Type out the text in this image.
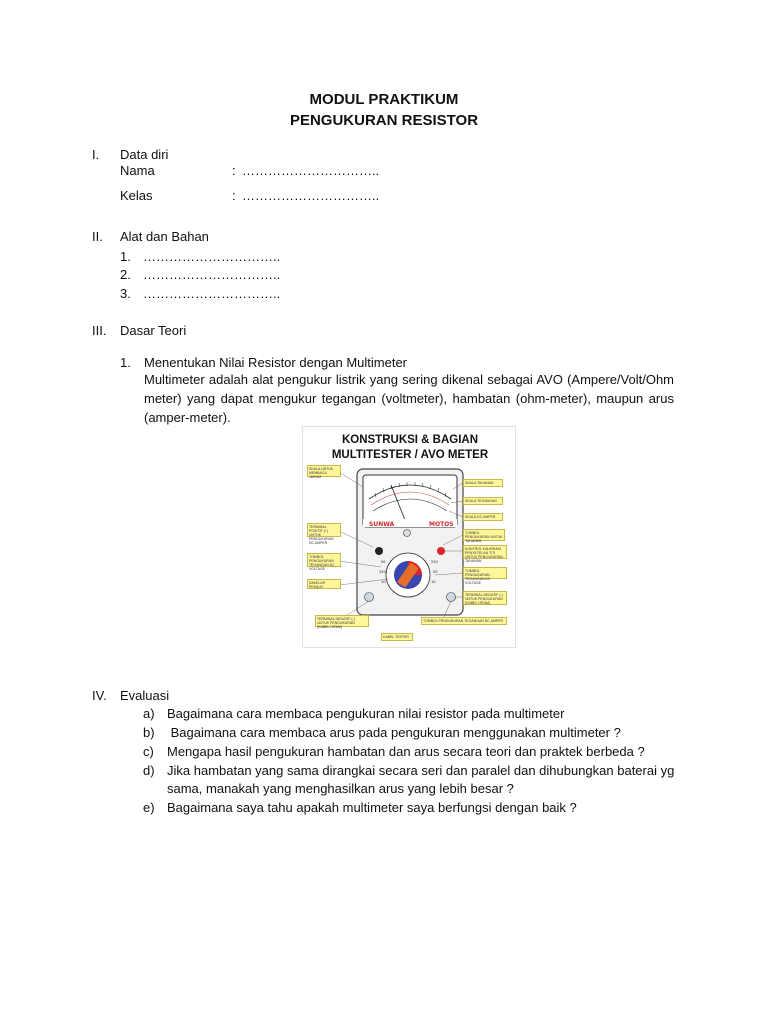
MODUL PRAKTIKUM
PENGUKURAN RESISTOR
I. Data diri
Nama	: …………………………..
Kelas	: …………………………..
II. Alat dan Bahan
1. …………………………..
2. …………………………..
3. …………………………..
III. Dasar Teori
1. Menentukan Nilai Resistor dengan Multimeter
Multimeter adalah alat pengukur listrik yang sering dikenal sebagai AVO (Ampere/Volt/Ohm
meter) yang dapat mengukur tegangan (voltmeter), hambatan (ohm-meter), maupun arus
(amper-meter).
SUNWA	MOTOS
50
250
10
250
50
10
KONSTRUKSI & BAGIAN
MULTITESTER / AVO METER
SKALA UNTUK MEMBACA JARUM
TERMINAL POSITIF (+) UNTUK PENGUKURAN DC AMPER
TOMBOL PENGUKURAN TEGANGAN DC VOLTAGE
SAKELAR PEMILIH
SKALA TAHANAN
SKALA TEGANGAN
SKALA DC AMPER
TOMBOL PENGUKURAN UNTUK TAHANAN
KONTROL KALIBRASI PENYETELAN TITI UNTUK PENGUKURAN TAHANAN
TOMBOL PENGUKURAN TEGANGAN AC VOLTAGE
TERMINAL NEGATIF (-) UNTUK PENGUKURAN (KABEL HITAM)
TERMINAL NEGATIF (-) UNTUK PENGUKURAN (KABEL HITAM)
TOMBOL PENGUKURAN TEGANGAN DC AMPER
KABEL TESTER
IV. Evaluasi
a) Bagaimana cara membaca pengukuran nilai resistor pada multimeter
b) Bagaimana cara membaca arus pada pengukuran menggunakan multimeter ?
c) Mengapa hasil pengukuran hambatan dan arus secara teori dan praktek berbeda ?
d) Jika hambatan yang sama dirangkai secara seri dan paralel dan dihubungkan baterai yg
sama, manakah yang menghasilkan arus yang lebih besar ?
e) Bagaimana saya tahu apakah multimeter saya berfungsi dengan baik ?
